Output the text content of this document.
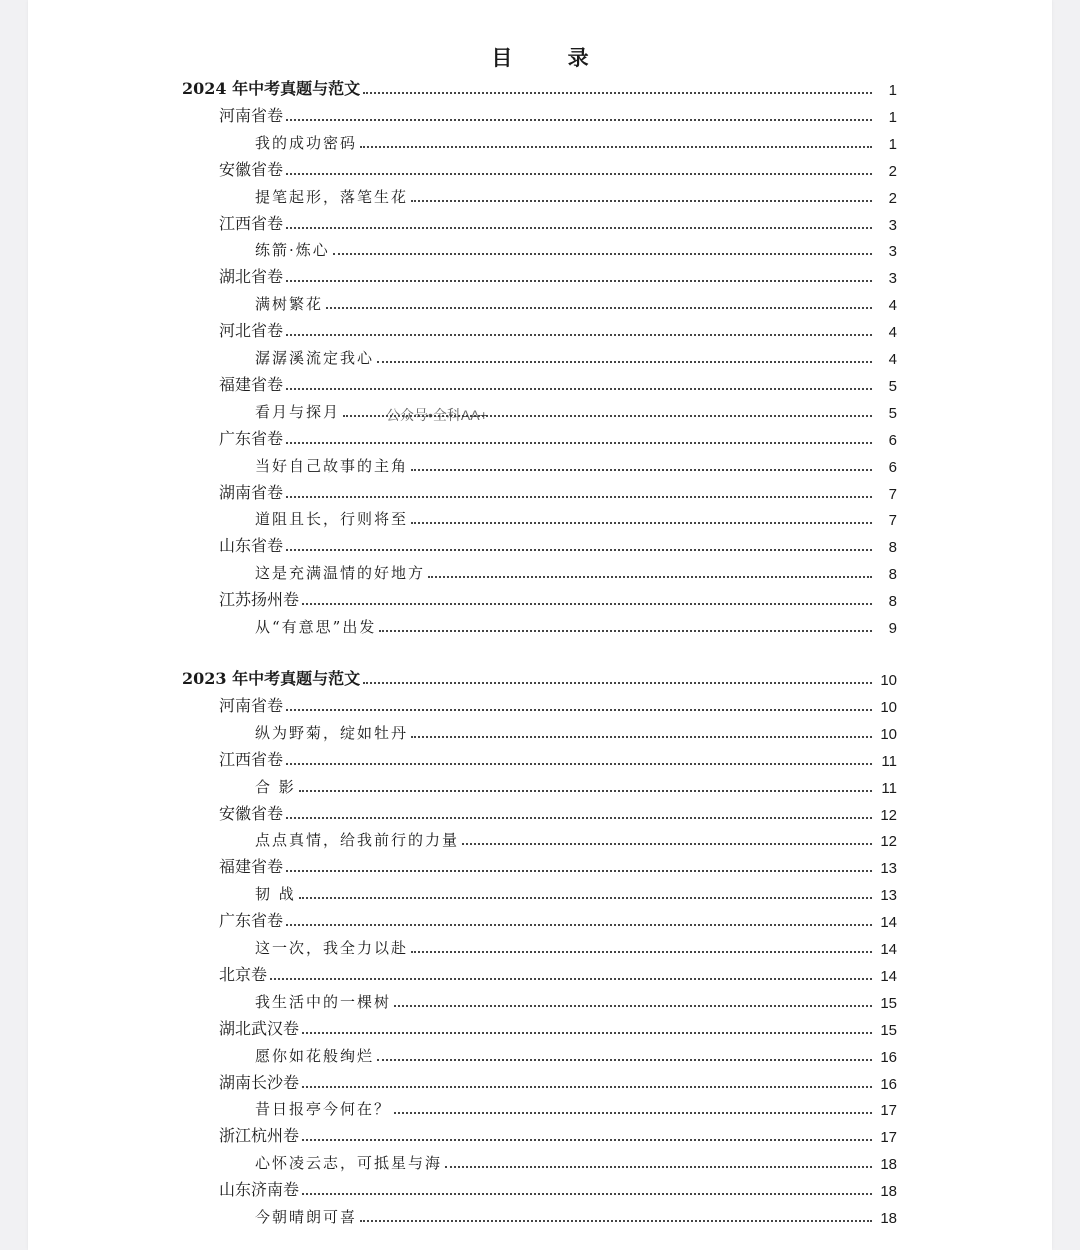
目 录
2024 年中考真题与范文	1
河南省卷	1
我的成功密码	1
安徽省卷	2
提笔起形，落笔生花	2
江西省卷	3
练箭·炼心	3
湖北省卷	3
满树繁花	4
河北省卷	4
潺潺溪流定我心	4
福建省卷	5
看月与探月	5
广东省卷	6
当好自己故事的主角	6
湖南省卷	7
道阻且长，行则将至	7
山东省卷	8
这是充满温情的好地方	8
江苏扬州卷	8
从“有意思”出发	9
2023 年中考真题与范文	10
河南省卷	10
纵为野菊，绽如牡丹	10
江西省卷	11
合 影	11
安徽省卷	12
点点真情，给我前行的力量	12
福建省卷	13
韧 战	13
广东省卷	14
这一次，我全力以赴	14
北京卷	14
我生活中的一棵树	15
湖北武汉卷	15
愿你如花般绚烂	16
湖南长沙卷	16
昔日报亭今何在？	17
浙江杭州卷	17
心怀凌云志，可抵星与海	18
山东济南卷	18
今朝晴朗可喜	18
公众号•全科AA+
